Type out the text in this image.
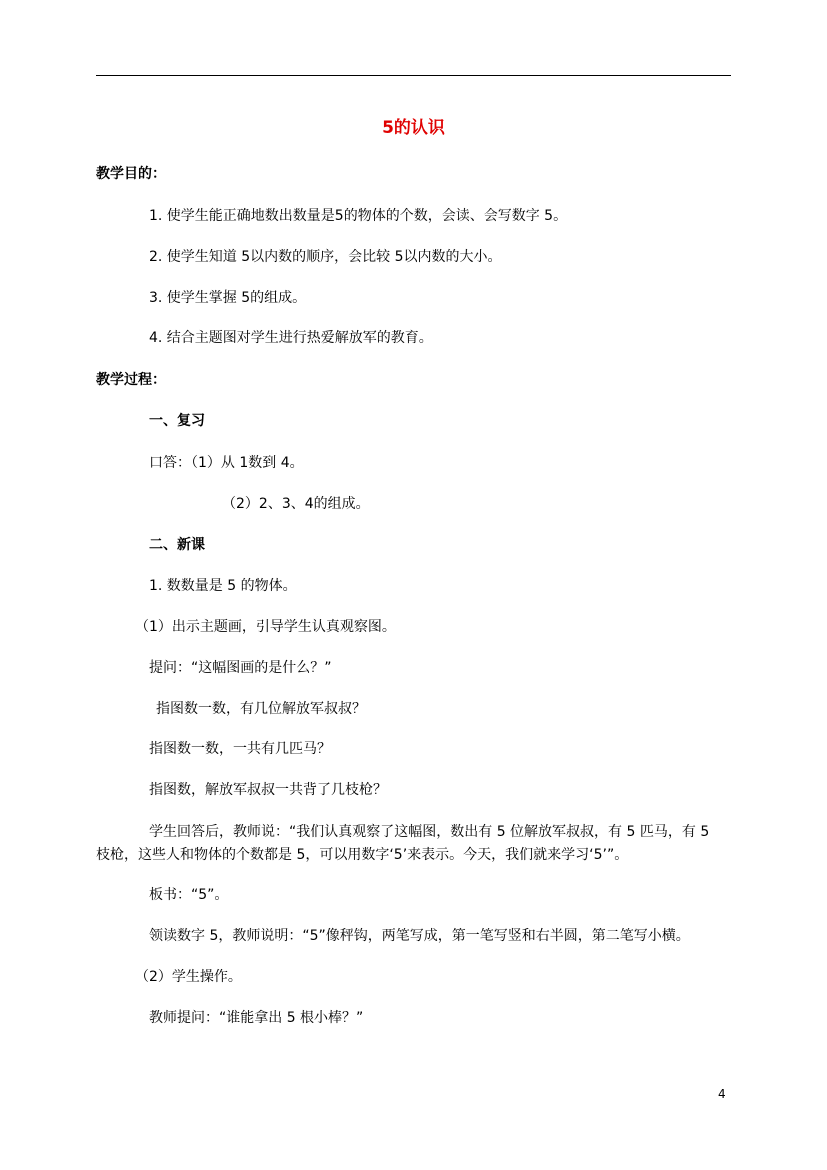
5的认识
教学目的：
1. 使学生能正确地数出数量是5的物体的个数，会读、会写数字 5。
2. 使学生知道 5以内数的顺序，会比较 5以内数的大小。
3. 使学生掌握 5的组成。
4. 结合主题图对学生进行热爱解放军的教育。
教学过程：
一、复习
口答：（1）从 1数到 4。
（2）2、3、4的组成。
二、新课
1. 数数量是 5 的物体。
（1）出示主题画，引导学生认真观察图。
提问：“这幅图画的是什么？”
指图数一数，有几位解放军叔叔？
指图数一数，一共有几匹马？
指图数，解放军叔叔一共背了几枝枪？
学生回答后，教师说：“我们认真观察了这幅图，数出有 5 位解放军叔叔，有 5 匹马，有 5
枝枪，这些人和物体的个数都是 5，可以用数字‘5’来表示。今天，我们就来学习‘5’”。
板书：“5”。
领读数字 5，教师说明：“5”像秤钩，两笔写成，第一笔写竖和右半圆，第二笔写小横。
（2）学生操作。
教师提问：“谁能拿出 5 根小棒？”
4
